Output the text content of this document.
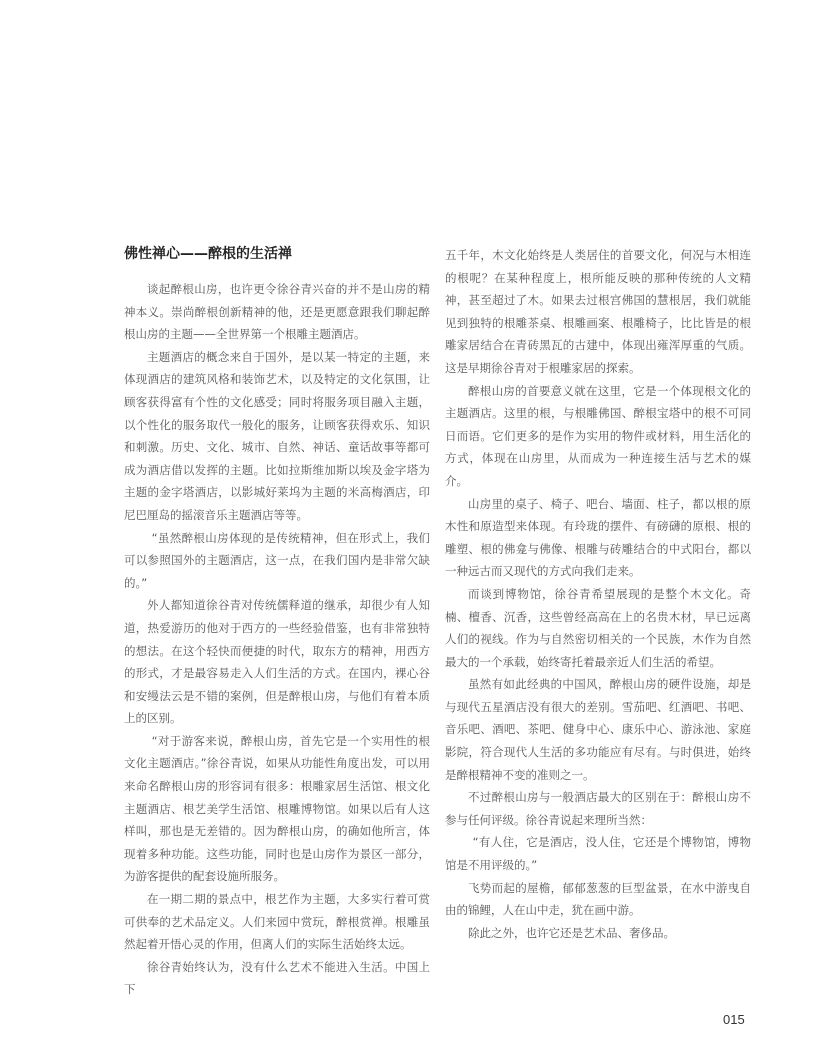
佛性禅心——醉根的生活禅

谈起醉根山房，也许更令徐谷青兴奋的并不是山房的精神本义。崇尚醉根创新精神的他，还是更愿意跟我们聊起醉根山房的主题——全世界第一个根雕主题酒店。

主题酒店的概念来自于国外，是以某一特定的主题，来体现酒店的建筑风格和装饰艺术，以及特定的文化氛围，让顾客获得富有个性的文化感受；同时将服务项目融入主题，以个性化的服务取代一般化的服务，让顾客获得欢乐、知识和刺激。历史、文化、城市、自然、神话、童话故事等都可成为酒店借以发挥的主题。比如拉斯维加斯以埃及金字塔为主题的金字塔酒店，以影城好莱坞为主题的米高梅酒店，印尼巴厘岛的摇滚音乐主题酒店等等。

“虽然醉根山房体现的是传统精神，但在形式上，我们可以参照国外的主题酒店，这一点，在我们国内是非常欠缺的。”

外人都知道徐谷青对传统儒释道的继承，却很少有人知道，热爱游历的他对于西方的一些经验借鉴，也有非常独特的想法。在这个轻快而便捷的时代，取东方的精神，用西方的形式，才是最容易走入人们生活的方式。在国内，裸心谷和安缦法云是不错的案例，但是醉根山房，与他们有着本质上的区别。

“对于游客来说，醉根山房，首先它是一个实用性的根文化主题酒店。”徐谷青说，如果从功能性角度出发，可以用来命名醉根山房的形容词有很多：根雕家居生活馆、根文化主题酒店、根艺美学生活馆、根雕博物馆。如果以后有人这样叫，那也是无差错的。因为醉根山房，的确如他所言，体现着多种功能。这些功能，同时也是山房作为景区一部分，为游客提供的配套设施所服务。

在一期二期的景点中，根艺作为主题，大多实行着可赏可供奉的艺术品定义。人们来园中赏玩，醉根赏禅。根雕虽然起着开悟心灵的作用，但离人们的实际生活始终太远。

徐谷青始终认为，没有什么艺术不能进入生活。中国上下

五千年，木文化始终是人类居住的首要文化，何况与木相连的根呢？在某种程度上，根所能反映的那种传统的人文精神，甚至超过了木。如果去过根宫佛国的慧根居，我们就能见到独特的根雕茶桌、根雕画案、根雕椅子，比比皆是的根雕家居结合在青砖黑瓦的古建中，体现出雍浑厚重的气质。这是早期徐谷青对于根雕家居的探索。

醉根山房的首要意义就在这里，它是一个体现根文化的主题酒店。这里的根，与根雕佛国、醉根宝塔中的根不可同日而语。它们更多的是作为实用的物件或材料，用生活化的方式，体现在山房里，从而成为一种连接生活与艺术的媒介。

山房里的桌子、椅子、吧台、墙面、柱子，都以根的原木性和原造型来体现。有玲珑的摆件、有磅礴的原根、根的雕塑、根的佛龛与佛像、根雕与砖雕结合的中式阳台，都以一种远古而又现代的方式向我们走来。

而谈到博物馆，徐谷青希望展现的是整个木文化。奇楠、檀香、沉香，这些曾经高高在上的名贵木材，早已远离人们的视线。作为与自然密切相关的一个民族，木作为自然最大的一个承载，始终寄托着最亲近人们生活的希望。

虽然有如此经典的中国风，醉根山房的硬件设施，却是与现代五星酒店没有很大的差别。雪茄吧、红酒吧、书吧、音乐吧、酒吧、茶吧、健身中心、康乐中心、游泳池、家庭影院，符合现代人生活的多功能应有尽有。与时俱进，始终是醉根精神不变的准则之一。

不过醉根山房与一般酒店最大的区别在于：醉根山房不参与任何评级。徐谷青说起来理所当然：

“有人住，它是酒店，没人住，它还是个博物馆，博物馆是不用评级的。”

飞势而起的屋檐，郁郁葱葱的巨型盆景，在水中游曳自由的锦鲤，人在山中走，犹在画中游。

除此之外，也许它还是艺术品、奢侈品。

015
